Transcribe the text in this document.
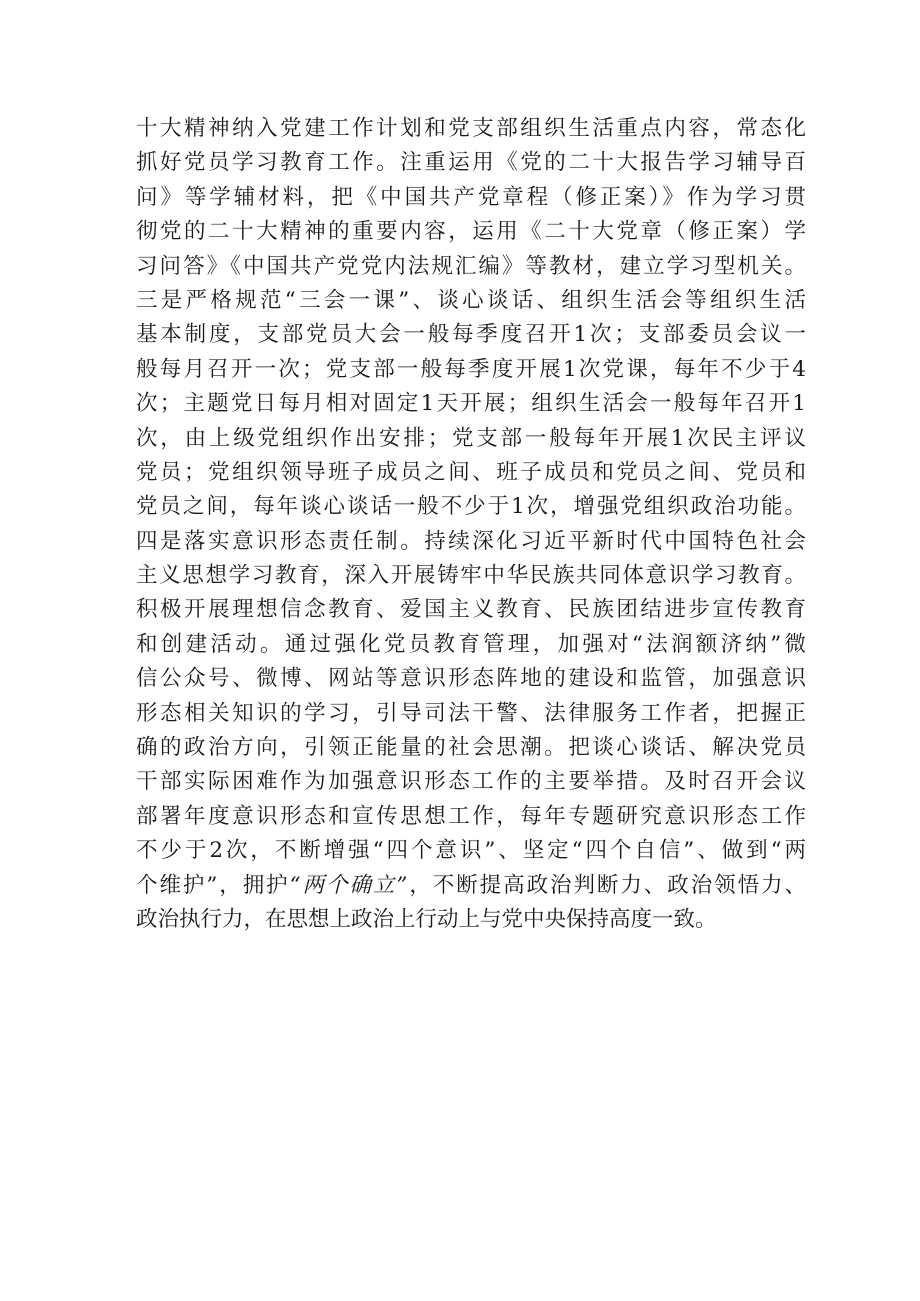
十大精神纳入党建工作计划和党支部组织生活重点内容，常态化
抓好党员学习教育工作。注重运用《党的二十大报告学习辅导百
问》等学辅材料，把《中国共产党章程（修正案）》作为学习贯
彻党的二十大精神的重要内容，运用《二十大党章（修正案）学
习问答》《中国共产党党内法规汇编》等教材，建立学习型机关。
三是严格规范“三会一课”、谈心谈话、组织生活会等组织生活
基本制度，支部党员大会一般每季度召开1次；支部委员会议一
般每月召开一次；党支部一般每季度开展1次党课，每年不少于4
次；主题党日每月相对固定1天开展；组织生活会一般每年召开1
次，由上级党组织作出安排；党支部一般每年开展1次民主评议
党员；党组织领导班子成员之间、班子成员和党员之间、党员和
党员之间，每年谈心谈话一般不少于1次，增强党组织政治功能。
四是落实意识形态责任制。持续深化习近平新时代中国特色社会
主义思想学习教育，深入开展铸牢中华民族共同体意识学习教育。
积极开展理想信念教育、爱国主义教育、民族团结进步宣传教育
和创建活动。通过强化党员教育管理，加强对“法润额济纳”微
信公众号、微博、网站等意识形态阵地的建设和监管，加强意识
形态相关知识的学习，引导司法干警、法律服务工作者，把握正
确的政治方向，引领正能量的社会思潮。把谈心谈话、解决党员
干部实际困难作为加强意识形态工作的主要举措。及时召开会议
部署年度意识形态和宣传思想工作，每年专题研究意识形态工作
不少于2次，不断增强“四个意识”、坚定“四个自信”、做到“两
个维护”，拥护“两个确立”，不断提高政治判断力、政治领悟力、
政治执行力，在思想上政治上行动上与党中央保持高度一致。
